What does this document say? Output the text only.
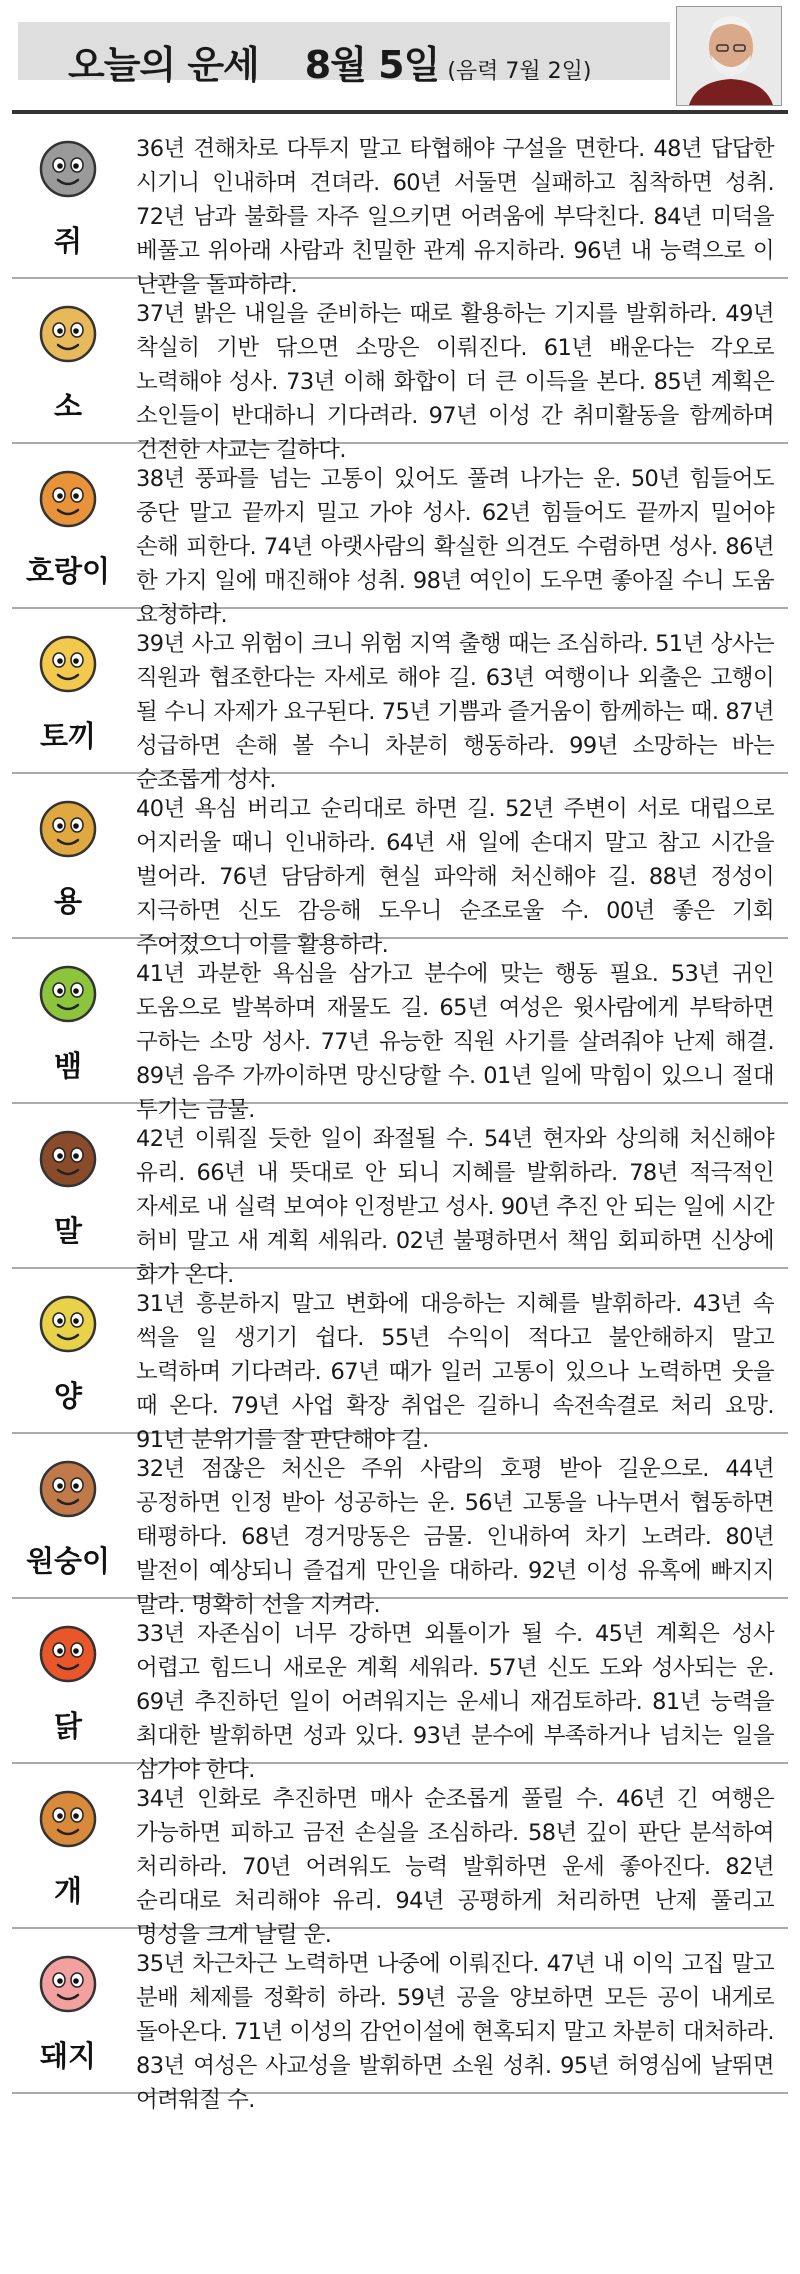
오늘의 운세 8월 5일 (음력 7월 2일)
쥐
36년 견해차로 다투지 말고 타협해야 구설을 면한다. 48년 답답한 시기니 인내하며 견뎌라. 60년 서둘면 실패하고 침착하면 성취. 72년 남과 불화를 자주 일으키면 어려움에 부닥친다. 84년 미덕을 베풀고 위아래 사람과 친밀한 관계 유지하라. 96년 내 능력으로 이 난관을 돌파하라.
소
37년 밝은 내일을 준비하는 때로 활용하는 기지를 발휘하라. 49년 착실히 기반 닦으면 소망은 이뤄진다. 61년 배운다는 각오로 노력해야 성사. 73년 이해 화합이 더 큰 이득을 본다. 85년 계획은 소인들이 반대하니 기다려라. 97년 이성 간 취미활동을 함께하며 건전한 사교는 길하다.
호랑이
38년 풍파를 넘는 고통이 있어도 풀려 나가는 운. 50년 힘들어도 중단 말고 끝까지 밀고 가야 성사. 62년 힘들어도 끝까지 밀어야 손해 피한다. 74년 아랫사람의 확실한 의견도 수렴하면 성사. 86년 한 가지 일에 매진해야 성취. 98년 여인이 도우면 좋아질 수니 도움 요청하라.
토끼
39년 사고 위험이 크니 위험 지역 출행 때는 조심하라. 51년 상사는 직원과 협조한다는 자세로 해야 길. 63년 여행이나 외출은 고행이 될 수니 자제가 요구된다. 75년 기쁨과 즐거움이 함께하는 때. 87년 성급하면 손해 볼 수니 차분히 행동하라. 99년 소망하는 바는 순조롭게 성사.
용
40년 욕심 버리고 순리대로 하면 길. 52년 주변이 서로 대립으로 어지러울 때니 인내하라. 64년 새 일에 손대지 말고 참고 시간을 벌어라. 76년 담담하게 현실 파악해 처신해야 길. 88년 정성이 지극하면 신도 감응해 도우니 순조로울 수. 00년 좋은 기회 주어졌으니 이를 활용하라.
뱀
41년 과분한 욕심을 삼가고 분수에 맞는 행동 필요. 53년 귀인 도움으로 발복하며 재물도 길. 65년 여성은 윗사람에게 부탁하면 구하는 소망 성사. 77년 유능한 직원 사기를 살려줘야 난제 해결. 89년 음주 가까이하면 망신당할 수. 01년 일에 막힘이 있으니 절대 투기는 금물.
말
42년 이뤄질 듯한 일이 좌절될 수. 54년 현자와 상의해 처신해야 유리. 66년 내 뜻대로 안 되니 지혜를 발휘하라. 78년 적극적인 자세로 내 실력 보여야 인정받고 성사. 90년 추진 안 되는 일에 시간 허비 말고 새 계획 세워라. 02년 불평하면서 책임 회피하면 신상에 화가 온다.
양
31년 흥분하지 말고 변화에 대응하는 지혜를 발휘하라. 43년 속 썩을 일 생기기 쉽다. 55년 수익이 적다고 불안해하지 말고 노력하며 기다려라. 67년 때가 일러 고통이 있으나 노력하면 웃을 때 온다. 79년 사업 확장 취업은 길하니 속전속결로 처리 요망. 91년 분위기를 잘 판단해야 길.
원숭이
32년 점잖은 처신은 주위 사람의 호평 받아 길운으로. 44년 공정하면 인정 받아 성공하는 운. 56년 고통을 나누면서 협동하면 태평하다. 68년 경거망동은 금물. 인내하여 차기 노려라. 80년 발전이 예상되니 즐겁게 만인을 대하라. 92년 이성 유혹에 빠지지 말라. 명확히 선을 지켜라.
닭
33년 자존심이 너무 강하면 외톨이가 될 수. 45년 계획은 성사 어렵고 힘드니 새로운 계획 세워라. 57년 신도 도와 성사되는 운. 69년 추진하던 일이 어려워지는 운세니 재검토하라. 81년 능력을 최대한 발휘하면 성과 있다. 93년 분수에 부족하거나 넘치는 일을 삼가야 한다.
개
34년 인화로 추진하면 매사 순조롭게 풀릴 수. 46년 긴 여행은 가능하면 피하고 금전 손실을 조심하라. 58년 깊이 판단 분석하여 처리하라. 70년 어려워도 능력 발휘하면 운세 좋아진다. 82년 순리대로 처리해야 유리. 94년 공평하게 처리하면 난제 풀리고 명성을 크게 날릴 운.
돼지
35년 차근차근 노력하면 나중에 이뤄진다. 47년 내 이익 고집 말고 분배 체제를 정확히 하라. 59년 공을 양보하면 모든 공이 내게로 돌아온다. 71년 이성의 감언이설에 현혹되지 말고 차분히 대처하라. 83년 여성은 사교성을 발휘하면 소원 성취. 95년 허영심에 날뛰면 어려워질 수.
